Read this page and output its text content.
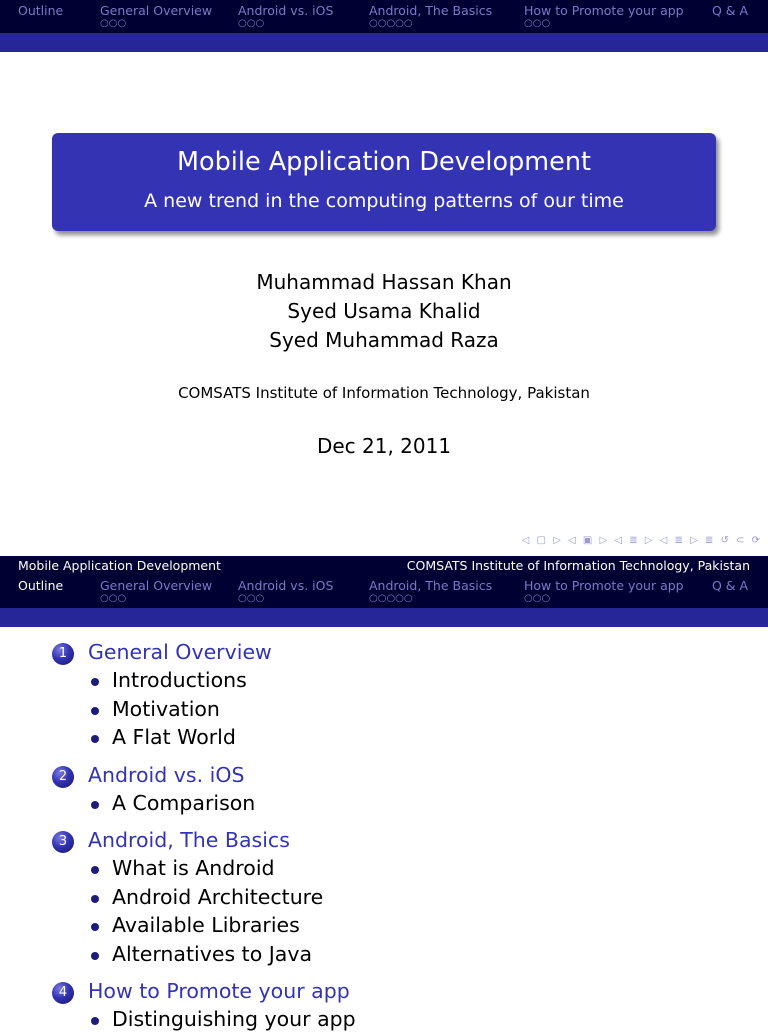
Outline	General Overview
○○○
Android vs. iOS
○○○
Android, The Basics
○○○○○
How to Promote your app
○○○
Q & A
Mobile Application Development
A new trend in the computing patterns of our time
Muhammad Hassan Khan
Syed Usama Khalid
Syed Muhammad Raza
COMSATS Institute of Information Technology, Pakistan
Dec 21, 2011
◁ ▢ ▷ ◁ ▣ ▷ ◁ ≣ ▷ ◁ ≣ ▷ ≣ ↺ ⊂ ⟳
Mobile Application Development	COMSATS Institute of Information Technology, Pakistan
Outline	General Overview
○○○
Android vs. iOS
○○○
Android, The Basics
○○○○○
How to Promote your app
○○○
Q & A
1	General Overview
Introductions
Motivation
A Flat World
2	Android vs. iOS
A Comparison
3	Android, The Basics
What is Android
Android Architecture
Available Libraries
Alternatives to Java
4	How to Promote your app
Distinguishing your app
